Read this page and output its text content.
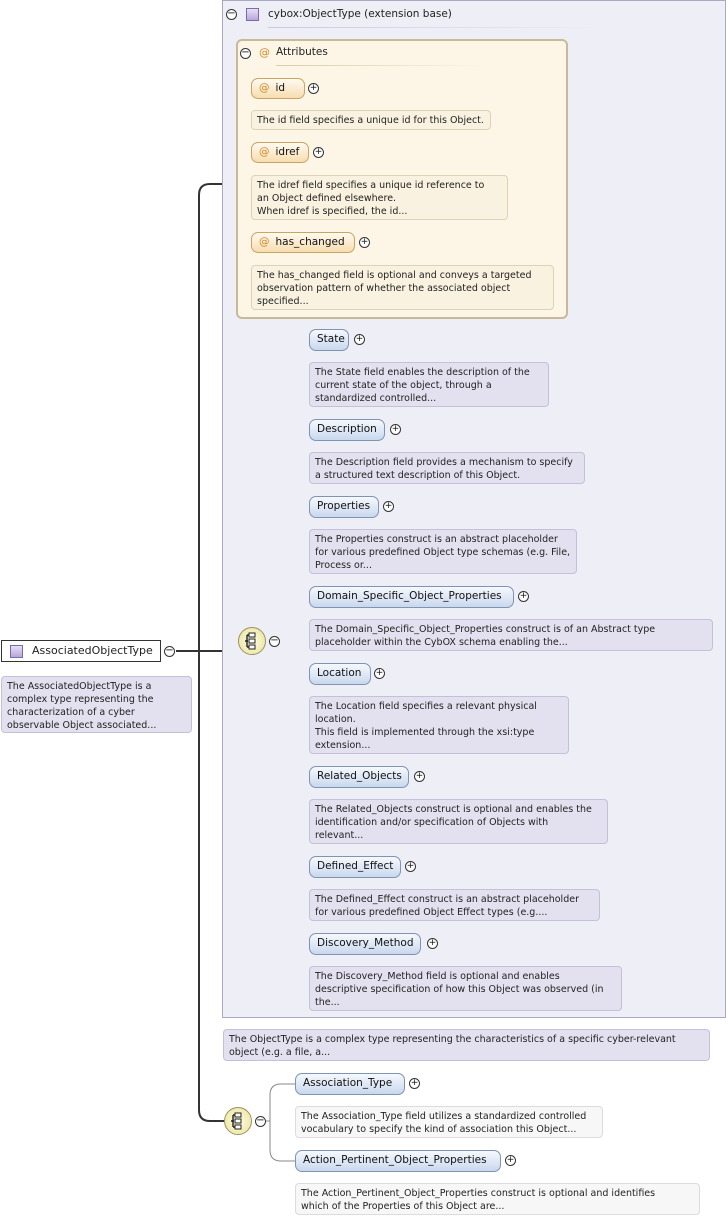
AssociatedObjectType	−
The AssociatedObjectType is a
complex type representing the
characterization of a cyber
observable Object associated...
−	cybox:ObjectType (extension base)
− @ Attributes
@ id	+
The id field specifies a unique id for this Object.
@ idref	+
The idref field specifies a unique id reference to
an Object defined elsewhere.
When idref is specified, the id...
@ has_changed	+
The has_changed field is optional and conveys a targeted
observation pattern of whether the associated object
specified...
−
State	+
The State field enables the description of the
current state of the object, through a
standardized controlled...
Description	+
The Description field provides a mechanism to specify
a structured text description of this Object.
Properties	+
The Properties construct is an abstract placeholder
for various predefined Object type schemas (e.g. File,
Process or...
Domain_Specific_Object_Properties	+
The Domain_Specific_Object_Properties construct is of an Abstract type
placeholder within the CybOX schema enabling the...
Location	+
The Location field specifies a relevant physical
location.
This field is implemented through the xsi:type
extension...
Related_Objects	+
The Related_Objects construct is optional and enables the
identification and/or specification of Objects with
relevant...
Defined_Effect	+
The Defined_Effect construct is an abstract placeholder
for various predefined Object Effect types (e.g....
Discovery_Method	+
The Discovery_Method field is optional and enables
descriptive specification of how this Object was observed (in
the...
The ObjectType is a complex type representing the characteristics of a specific cyber-relevant
object (e.g. a file, a...
−
Association_Type	+
The Association_Type field utilizes a standardized controlled
vocabulary to specify the kind of association this Object...
Action_Pertinent_Object_Properties	+
The Action_Pertinent_Object_Properties construct is optional and identifies
which of the Properties of this Object are...
